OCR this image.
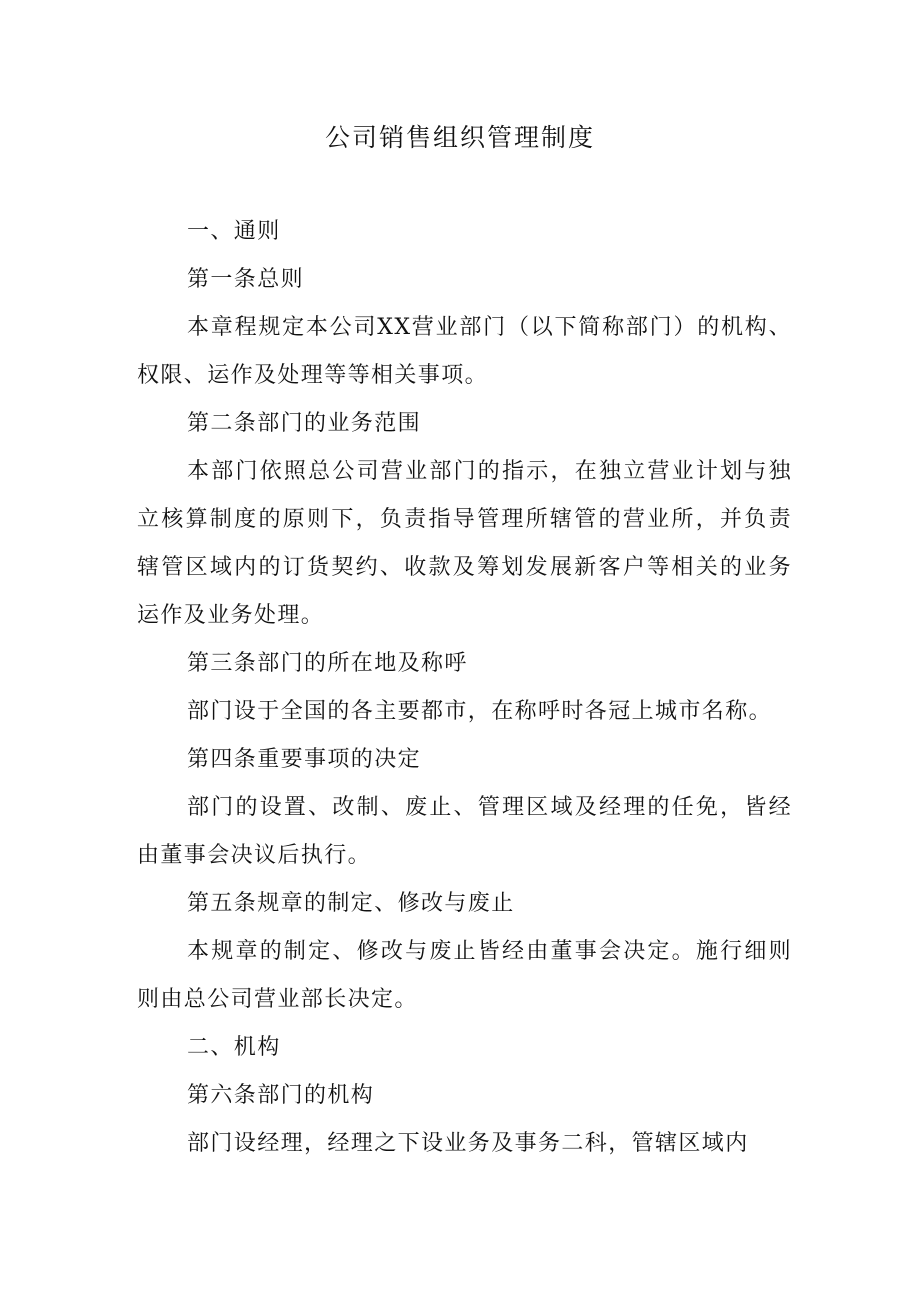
公司销售组织管理制度

一、通则

第一条总则

本章程规定本公司XX营业部门（以下简称部门）的机构、权限、运作及处理等等相关事项。

第二条部门的业务范围

本部门依照总公司营业部门的指示，在独立营业计划与独立核算制度的原则下，负责指导管理所辖管的营业所，并负责辖管区域内的订货契约、收款及筹划发展新客户等相关的业务运作及业务处理。

第三条部门的所在地及称呼

部门设于全国的各主要都市，在称呼时各冠上城市名称。

第四条重要事项的决定

部门的设置、改制、废止、管理区域及经理的任免，皆经由董事会决议后执行。

第五条规章的制定、修改与废止

本规章的制定、修改与废止皆经由董事会决定。施行细则则由总公司营业部长决定。

二、机构

第六条部门的机构

部门设经理，经理之下设业务及事务二科，管辖区域内
